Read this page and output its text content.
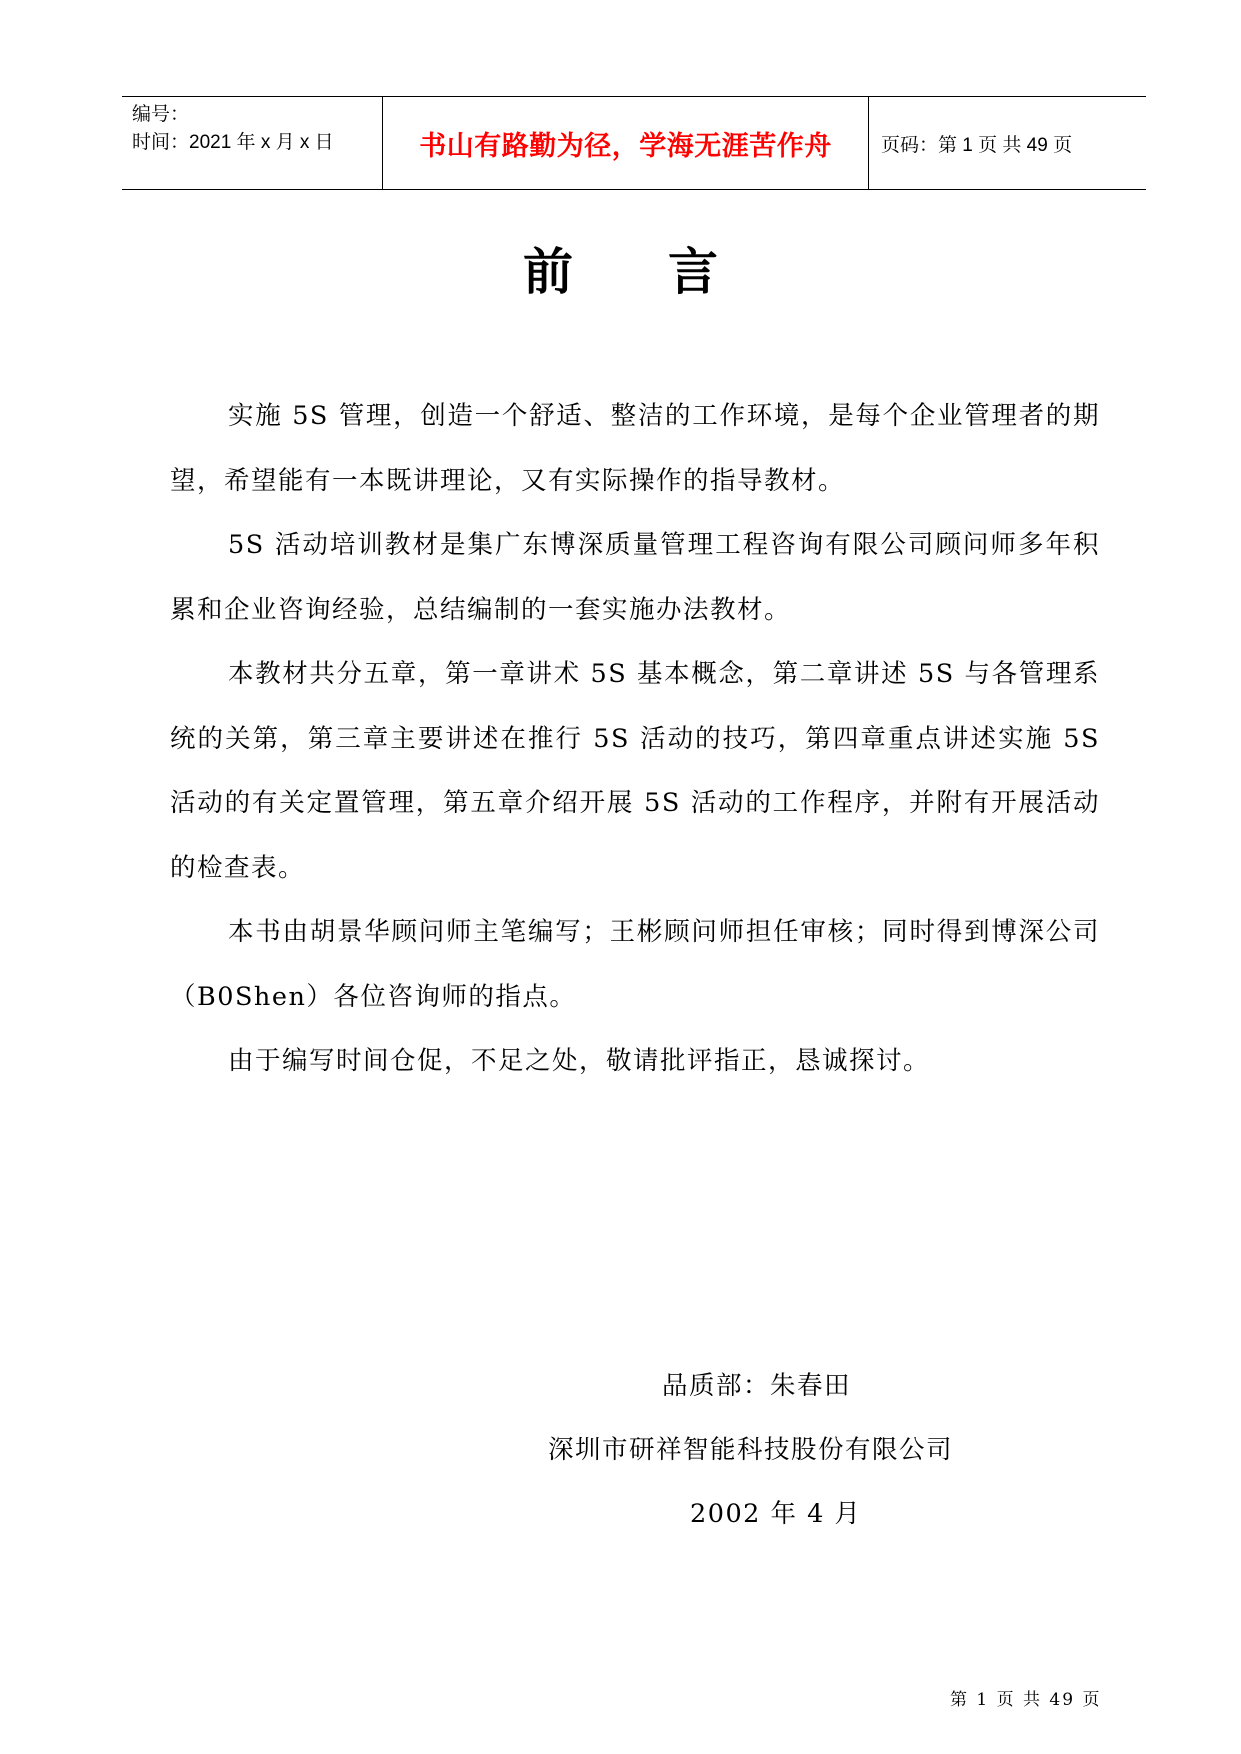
编号：
时间：2021 年 x 月 x 日	书山有路勤为径，学海无涯苦作舟	页码：第 1 页 共 49 页
前言

实施 5S 管理，创造一个舒适、整洁的工作环境，是每个企业管理者的期望，希望能有一本既讲理论，又有实际操作的指导教材。

5S 活动培训教材是集广东博深质量管理工程咨询有限公司顾问师多年积累和企业咨询经验，总结编制的一套实施办法教材。

本教材共分五章，第一章讲术 5S 基本概念，第二章讲述 5S 与各管理系统的关第，第三章主要讲述在推行 5S 活动的技巧，第四章重点讲述实施 5S 活动的有关定置管理，第五章介绍开展 5S 活动的工作程序，并附有开展活动的检查表。

本书由胡景华顾问师主笔编写；王彬顾问师担任审核；同时得到博深公司（B0Shen）各位咨询师的指点。

由于编写时间仓促，不足之处，敬请批评指正，恳诚探讨。

品质部：朱春田
深圳市研祥智能科技股份有限公司
2002 年 4 月
第 1 页 共 49 页
